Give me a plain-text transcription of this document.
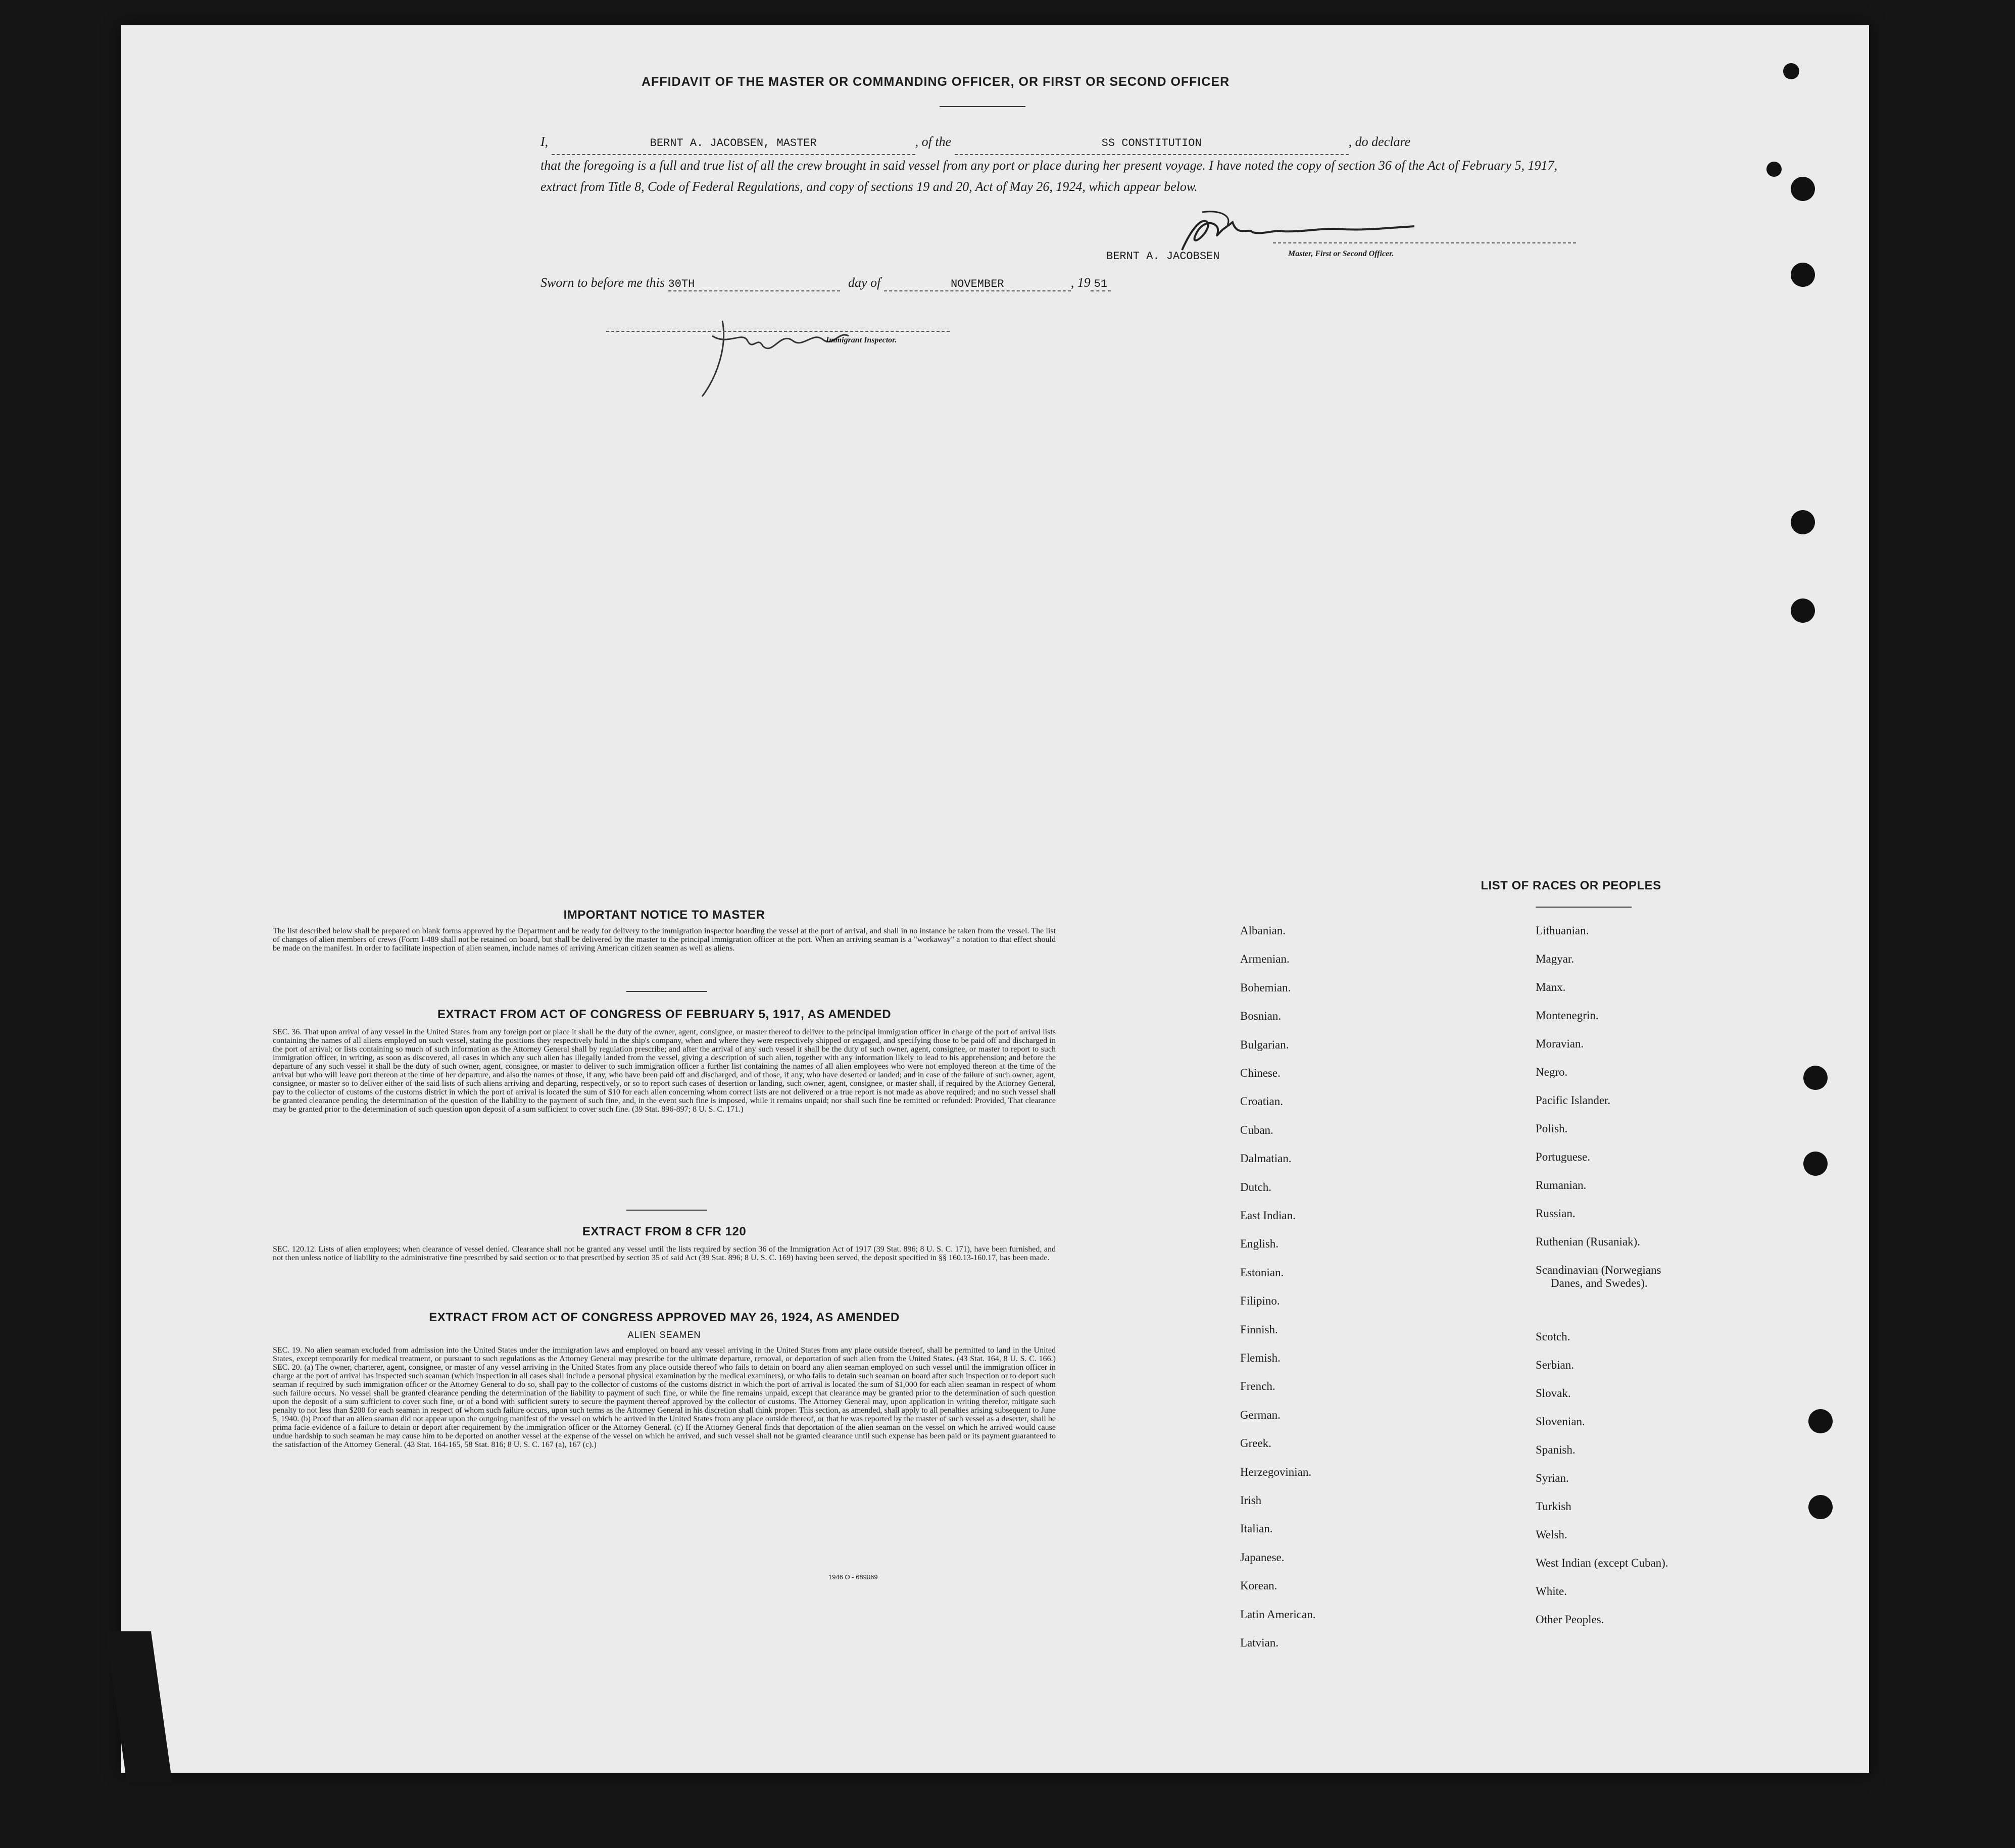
AFFIDAVIT OF THE MASTER OR COMMANDING OFFICER, OR FIRST OR SECOND OFFICER
I,	BERNT A. JACOBSEN, MASTER	, of the	SS CONSTITUTION	, do declare
that the foregoing is a full and true list of all the crew brought in said vessel from any port or place during her present voyage. I have noted the copy of section 36 of the Act of February 5, 1917, extract from Title 8, Code of Federal Regulations, and copy of sections 19 and 20, Act of May 26, 1924, which appear below.
BERNT A. JACOBSEN	Master, First or Second Officer.
Sworn to before me this 30TH	day of	NOVEMBER	, 19 51
Immigrant Inspector.
IMPORTANT NOTICE TO MASTER
The list described below shall be prepared on blank forms approved by the Department and be ready for delivery to the immigration inspector boarding the vessel at the port of arrival, and shall in no instance be taken from the vessel. The list of changes of alien members of crews (Form I-489 shall not be retained on board, but shall be delivered by the master to the principal immigration officer at the port. When an arriving seaman is a "workaway" a notation to that effect should be made on the manifest. In order to facilitate inspection of alien seamen, include names of arriving American citizen seamen as well as aliens.
EXTRACT FROM ACT OF CONGRESS OF FEBRUARY 5, 1917, AS AMENDED
SEC. 36. That upon arrival of any vessel in the United States from any foreign port or place it shall be the duty of the owner, agent, consignee, or master thereof to deliver to the principal immigration officer in charge of the port of arrival lists containing the names of all aliens employed on such vessel, stating the positions they respectively hold in the ship's company, when and where they were respectively shipped or engaged, and specifying those to be paid off and discharged in the port of arrival; or lists containing so much of such information as the Attorney General shall by regulation prescribe; and after the arrival of any such vessel it shall be the duty of such owner, agent, consignee, or master to report to such immigration officer, in writing, as soon as discovered, all cases in which any such alien has illegally landed from the vessel, giving a description of such alien, together with any information likely to lead to his apprehension; and before the departure of any such vessel it shall be the duty of such owner, agent, consignee, or master to deliver to such immigration officer a further list containing the names of all alien employees who were not employed thereon at the time of the arrival but who will leave port thereon at the time of her departure, and also the names of those, if any, who have been paid off and discharged, and of those, if any, who have deserted or landed; and in case of the failure of such owner, agent, consignee, or master so to deliver either of the said lists of such aliens arriving and departing, respectively, or so to report such cases of desertion or landing, such owner, agent, consignee, or master shall, if required by the Attorney General, pay to the collector of customs of the customs district in which the port of arrival is located the sum of $10 for each alien concerning whom correct lists are not delivered or a true report is not made as above required; and no such vessel shall be granted clearance pending the determination of the question of the liability to the payment of such fine, and, in the event such fine is imposed, while it remains unpaid; nor shall such fine be remitted or refunded: Provided, That clearance may be granted prior to the determination of such question upon deposit of a sum sufficient to cover such fine. (39 Stat. 896-897; 8 U. S. C. 171.)
EXTRACT FROM 8 CFR 120
SEC. 120.12. Lists of alien employees; when clearance of vessel denied. Clearance shall not be granted any vessel until the lists required by section 36 of the Immigration Act of 1917 (39 Stat. 896; 8 U. S. C. 171), have been furnished, and not then unless notice of liability to the administrative fine prescribed by said section or to that prescribed by section 35 of said Act (39 Stat. 896; 8 U. S. C. 169) having been served, the deposit specified in §§ 160.13-160.17, has been made.
EXTRACT FROM ACT OF CONGRESS APPROVED MAY 26, 1924, AS AMENDED
ALIEN SEAMEN
SEC. 19. No alien seaman excluded from admission into the United States under the immigration laws and employed on board any vessel arriving in the United States from any place outside thereof, shall be permitted to land in the United States, except temporarily for medical treatment, or pursuant to such regulations as the Attorney General may prescribe for the ultimate departure, removal, or deportation of such alien from the United States. (43 Stat. 164, 8 U. S. C. 166.) SEC. 20. (a) The owner, charterer, agent, consignee, or master of any vessel arriving in the United States from any place outside thereof who fails to detain on board any alien seaman employed on such vessel until the immigration officer in charge at the port of arrival has inspected such seaman (which inspection in all cases shall include a personal physical examination by the medical examiners), or who fails to detain such seaman on board after such inspection or to deport such seaman if required by such immigration officer or the Attorney General to do so, shall pay to the collector of customs of the customs district in which the port of arrival is located the sum of $1,000 for each alien seaman in respect of whom such failure occurs. No vessel shall be granted clearance pending the determination of the liability to payment of such fine, or while the fine remains unpaid, except that clearance may be granted prior to the determination of such question upon the deposit of a sum sufficient to cover such fine, or of a bond with sufficient surety to secure the payment thereof approved by the collector of customs. The Attorney General may, upon application in writing therefor, mitigate such penalty to not less than $200 for each seaman in respect of whom such failure occurs, upon such terms as the Attorney General in his discretion shall think proper. This section, as amended, shall apply to all penalties arising subsequent to June 5, 1940. (b) Proof that an alien seaman did not appear upon the outgoing manifest of the vessel on which he arrived in the United States from any place outside thereof, or that he was reported by the master of such vessel as a deserter, shall be prima facie evidence of a failure to detain or deport after requirement by the immigration officer or the Attorney General. (c) If the Attorney General finds that deportation of the alien seaman on the vessel on which he arrived would cause undue hardship to such seaman he may cause him to be deported on another vessel at the expense of the vessel on which he arrived, and such vessel shall not be granted clearance until such expense has been paid or its payment guaranteed to the satisfaction of the Attorney General. (43 Stat. 164-165, 58 Stat. 816; 8 U. S. C. 167 (a), 167 (c).)
1946 O - 689069
LIST OF RACES OR PEOPLES
Albanian.
Armenian.
Bohemian.
Bosnian.
Bulgarian.
Chinese.
Croatian.
Cuban.
Dalmatian.
Dutch.
East Indian.
English.
Estonian.
Filipino.
Finnish.
Flemish.
French.
German.
Greek.
Herzegovinian.
Irish
Italian.
Japanese.
Korean.
Latin American.
Latvian.
Lithuanian.
Magyar.
Manx.
Montenegrin.
Moravian.
Negro.
Pacific Islander.
Polish.
Portuguese.
Rumanian.
Russian.
Ruthenian (Rusaniak).
Scandinavian (Norwegians
Danes, and Swedes).
Scotch.
Serbian.
Slovak.
Slovenian.
Spanish.
Syrian.
Turkish
Welsh.
West Indian (except Cuban).
White.
Other Peoples.
